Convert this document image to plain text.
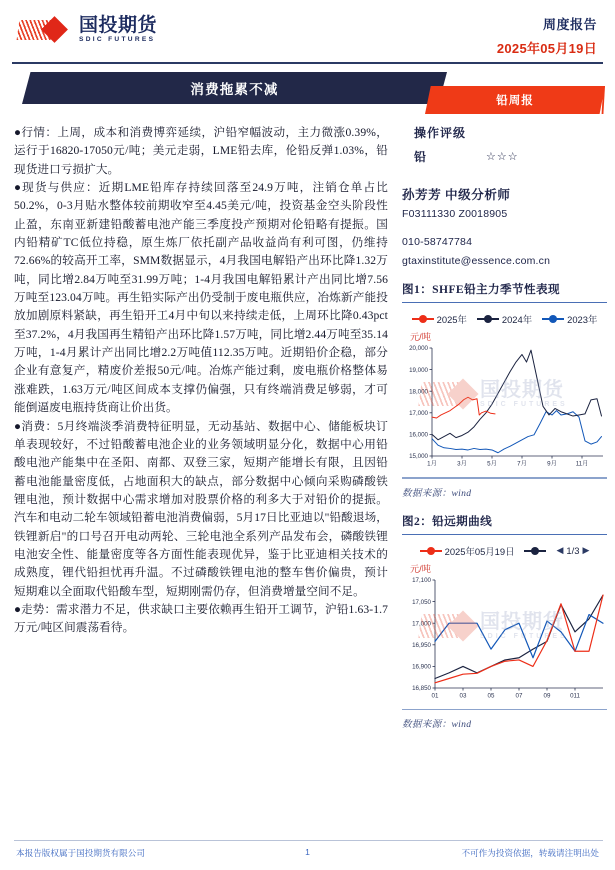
国投期货
SDIC FUTURES
周度报告
2025年05月19日
消费拖累不减
铅周报

●行情：上周，成本和消费博弈延续，沪铅窄幅波动，主力微涨0.39%，运行于16820-17050元/吨；美元走弱，LME铅去库，伦铅反弹1.03%，铅现货进口亏损扩大。

●现货与供应：近期LME铅库存持续回落至24.9万吨，注销仓单占比50.2%，0-3月贴水整体较前期收窄至4.45美元/吨，投资基金空头阶段性止盈，东南亚新建铅酸蓄电池产能三季度投产预期对伦铅略有提振。国内铅精矿TC低位持稳，原生炼厂依托副产品收益尚有利可图，仍维持72.66%的较高开工率，SMM数据显示，4月我国电解铅产出环比降1.32万吨，同比增2.84万吨至31.99万吨；1-4月我国电解铅累计产出同比增7.56万吨至123.04万吨。再生铅实际产出仍受制于废电瓶供应，冶炼新产能投放加剧原料紧缺，再生铅开工4月中旬以来持续走低，上周环比降0.43pct至37.2%，4月我国再生精铅产出环比降1.57万吨，同比增2.44万吨至35.14万吨，1-4月累计产出同比增2.2万吨值112.35万吨。近期铅价企稳，部分企业有意复产，精废价差报50元/吨。冶炼产能过剩，废电瓶价格整体易涨难跌，1.63万元/吨区间成本支撑仍偏强，只有终端消费足够弱，才可能倒逼废电瓶持货商让价出货。

●消费：5月终端淡季消费特征明显，无动基站、数据中心、储能板块订单表现较好，不过铅酸蓄电池企业的业务领域明显分化，数据中心用铅酸电池产能集中在圣阳、南都、双登三家，短期产能增长有限，且因铅蓄电池能量密度低，占地面积大的缺点，部分数据中心倾向采购磷酸铁锂电池，预计数据中心需求增加对股票价格的利多大于对铅价的提振。汽车和电动二轮车领域铅蓄电池消费偏弱，5月17日比亚迪以"铅酸退场，铁锂新启"的口号召开电动两轮、三轮电池全系列产品发布会，磷酸铁锂电池安全性、能量密度等各方面性能表现优异，鉴于比亚迪相关技术的成熟度，锂代铅担忧再升温。不过磷酸铁锂电池的整车售价偏贵，预计短期难以全面取代铅酸车型，短期刚需仍存，但消费增量空间不足。

●走势：需求潜力不足，供求缺口主要依赖再生铅开工调节，沪铅1.63-1.7万元/吨区间震荡看待。

操作评级
铅	☆☆☆
孙芳芳 中级分析师
F03111330 Z0018905
010-58747784
gtaxinstitute@essence.com.cn
图1：SHFE铅主力季节性表现
2025年	2024年	2023年
元/吨
15,000
16,000
17,000
18,000
19,000
20,000
1月	3月	5月	7月	9月	11月
国投期货
SDIC FUTURES
数据来源：wind
图2：铅远期曲线
2025年05月19日	◀ 1/3 ▶
元/吨
16,850
16,900
16,950
17,000
17,050
17,100
01	03	05	07	09	011
国投期货
SDIC FUTURES
数据来源：wind
本报告版权属于国投期货有限公司	1	不可作为投资依据，转载请注明出处
